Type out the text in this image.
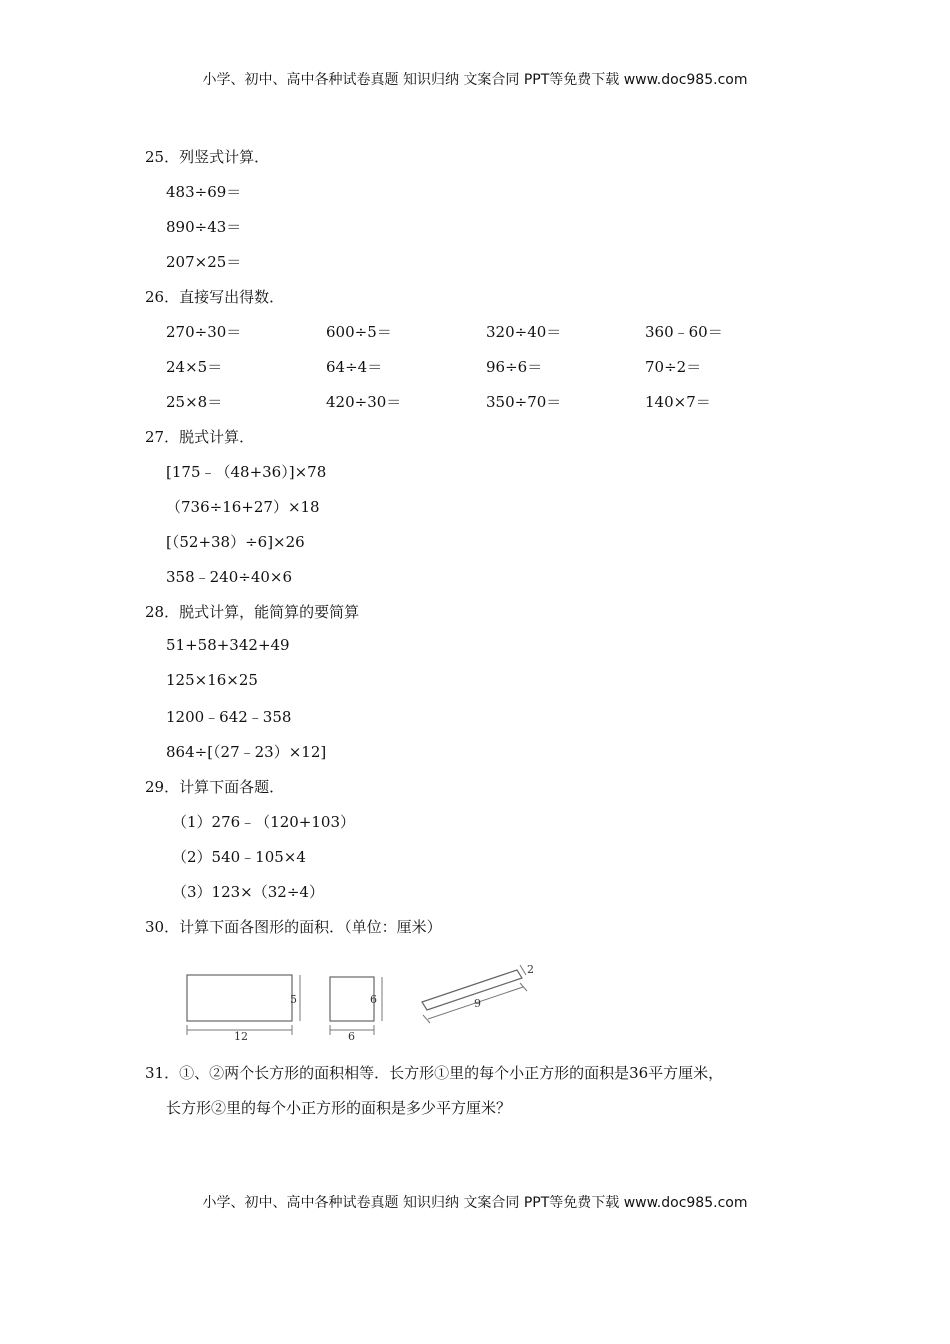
小学、初中、高中各种试卷真题 知识归纳 文案合同 PPT等免费下载 www.doc985.com
25．列竖式计算．
483÷69＝
890÷43＝
207×25＝
26．直接写出得数．
270÷30＝	600÷5＝	320÷40＝	360﹣60＝
24×5＝	64÷4＝	96÷6＝	70÷2＝
25×8＝	420÷30＝	350÷70＝	140×7＝
27．脱式计算．
[175﹣（48+36）]×78
（736÷16+27）×18
[（52+38）÷6]×26
358﹣240÷40×6
28．脱式计算，能简算的要简算
51+58+342+49
125×16×25
1200﹣642﹣358
864÷[（27﹣23）×12]
29．计算下面各题．
（1）276﹣（120+103）
（2）540﹣105×4
（3）123×（32÷4）
30．计算下面各图形的面积．（单位：厘米）
12
5
6
6	9
2
31．①、②两个长方形的面积相等．长方形①里的每个小正方形的面积是36平方厘米，
长方形②里的每个小正方形的面积是多少平方厘米？
小学、初中、高中各种试卷真题 知识归纳 文案合同 PPT等免费下载 www.doc985.com
